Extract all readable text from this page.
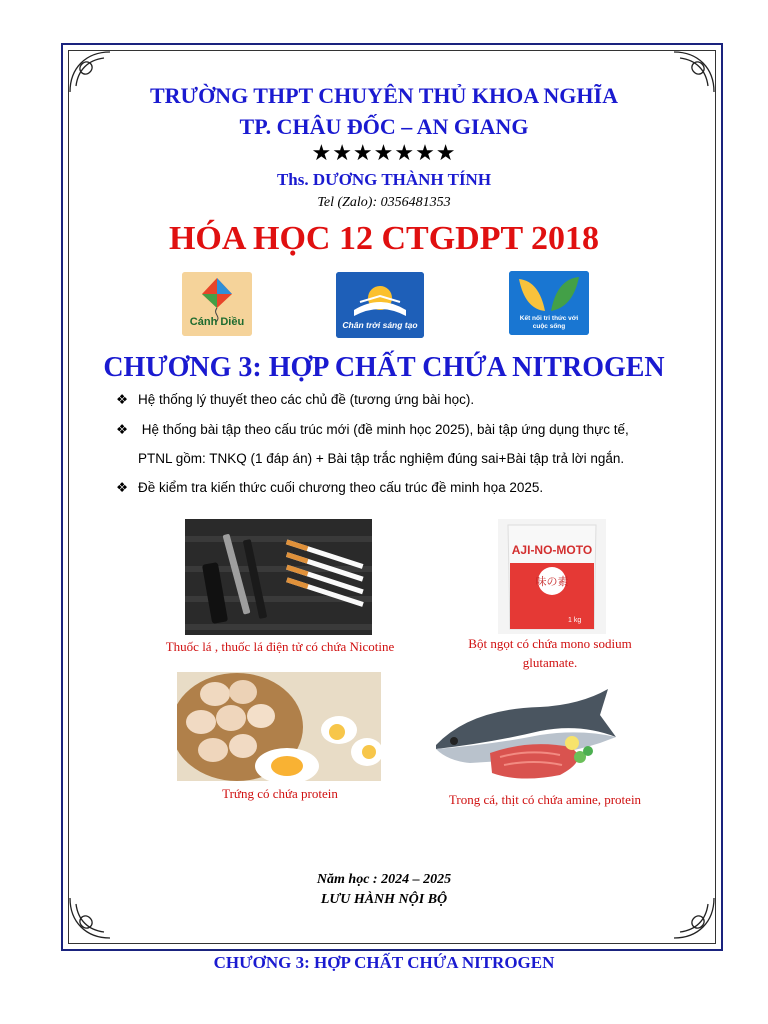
TRƯỜNG THPT CHUYÊN THỦ KHOA NGHĨA
TP. CHÂU ĐỐC – AN GIANG
★★★★★★★
Ths. DƯƠNG THÀNH TÍNH
Tel (Zalo): 0356481353
HÓA HỌC 12 CTGDPT 2018
Cánh Diều	Chân trời sáng tạo
Kết nối tri thức với cuộc sống
CHƯƠNG 3: HỢP CHẤT CHỨA NITROGEN
❖ Hệ thống lý thuyết theo các chủ đề (tương ứng bài học).
❖ Hệ thống bài tập theo cấu trúc mới (đề minh học 2025), bài tập ứng dụng thực tế,
PTNL gồm: TNKQ (1 đáp án) + Bài tập trắc nghiệm đúng sai+Bài tập trả lời ngắn.
❖ Đề kiểm tra kiến thức cuối chương theo cấu trúc đề minh họa 2025.
AJI-NO-MOTO
味の素
1 kg
Thuốc lá , thuốc lá điện tử có chứa Nicotine	Bột ngọt có chứa mono sodium
glutamate.
Trứng có chứa protein	Trong cá, thịt có chứa amine, protein
Năm học : 2024 – 2025
LƯU HÀNH NỘI BỘ
CHƯƠNG 3: HỢP CHẤT CHỨA NITROGEN
